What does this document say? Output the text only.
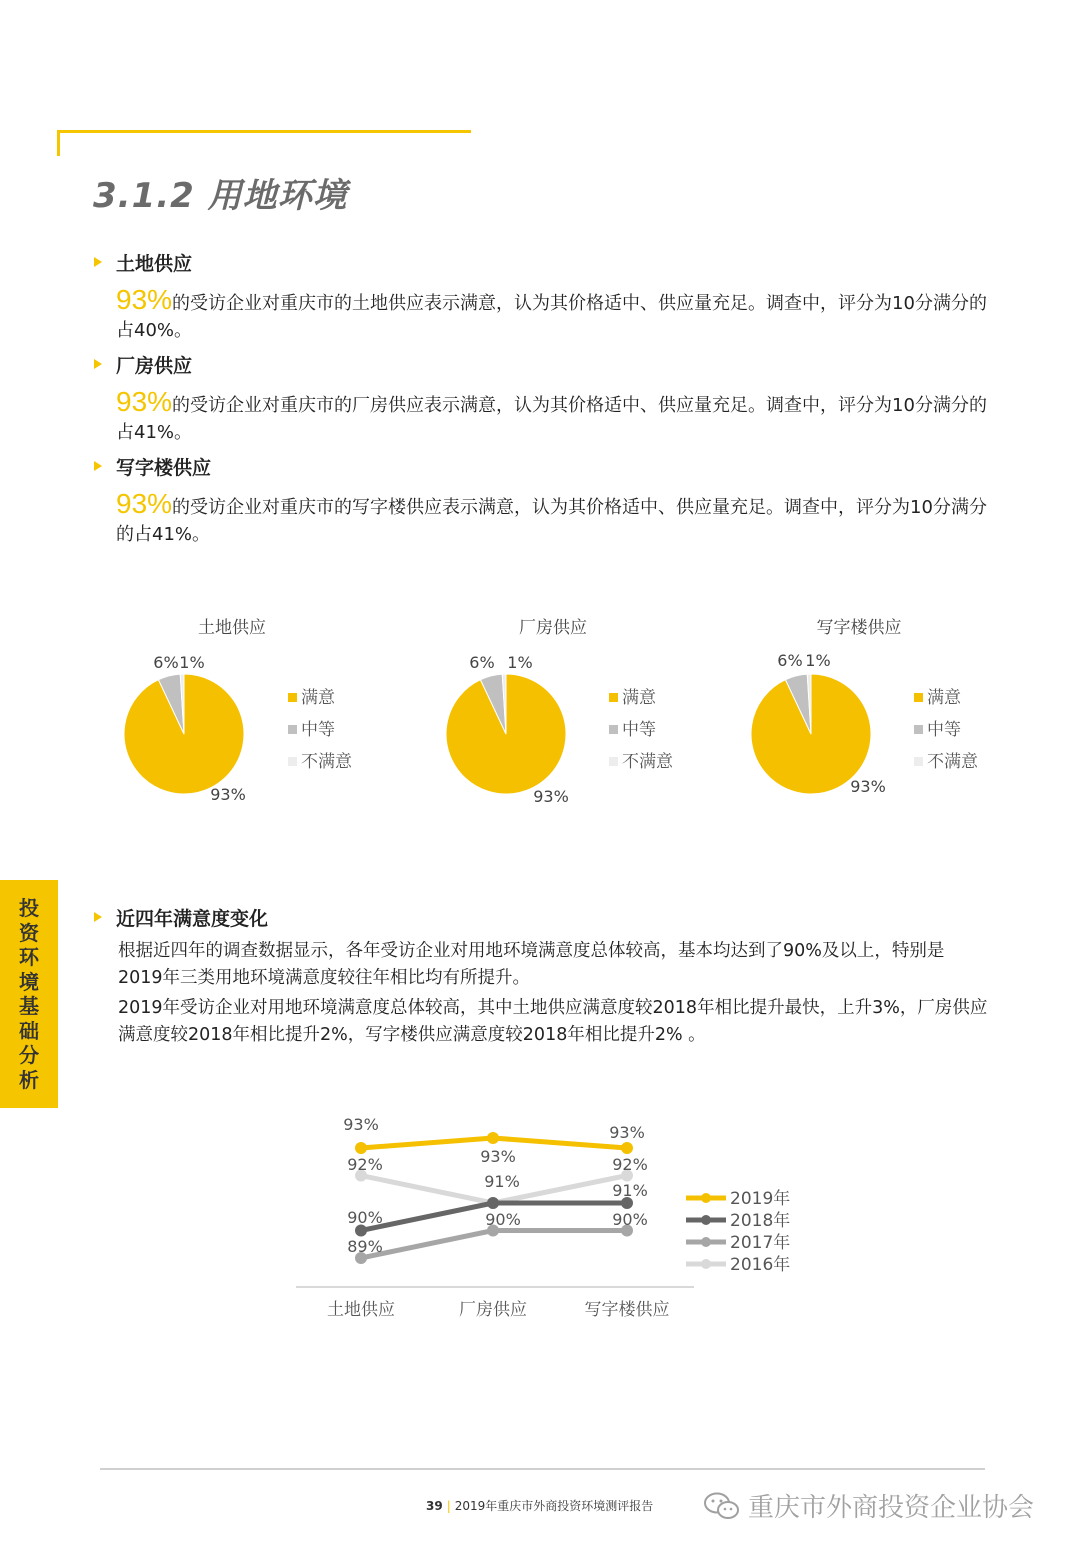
3.1.2 用地环境
土地供应
93%的受访企业对重庆市的土地供应表示满意，认为其价格适中、供应量充足。调查中，评分为10分满分的占40%。
厂房供应
93%的受访企业对重庆市的厂房供应表示满意，认为其价格适中、供应量充足。调查中，评分为10分满分的占41%。
写字楼供应
93%的受访企业对重庆市的写字楼供应表示满意，认为其价格适中、供应量充足。调查中，评分为10分满分的占41%。
土地供应
6% 1%
93%
满意
中等
不满意
厂房供应
6% 1%
93%
满意
中等
不满意
写字楼供应
6% 1%
93%
满意
中等
不满意
近四年满意度变化
根据近四年的调查数据显示，各年受访企业对用地环境满意度总体较高，基本均达到了90%及以上，特别是2019年三类用地环境满意度较往年相比均有所提升。
2019年受访企业对用地环境满意度总体较高，其中土地供应满意度较2018年相比提升最快，上升3%，厂房供应满意度较2018年相比提升2%，写字楼供应满意度较2018年相比提升2% 。
投
资
环
境
基
础
分
析
土地供应	厂房供应	写字楼供应
93%
93%
93%
90%
91%	91%
89%
90%	90%
92%	92%
2019年
2018年
2017年
2016年
39 | 2019年重庆市外商投资环境测评报告	重庆市外商投资企业协会
